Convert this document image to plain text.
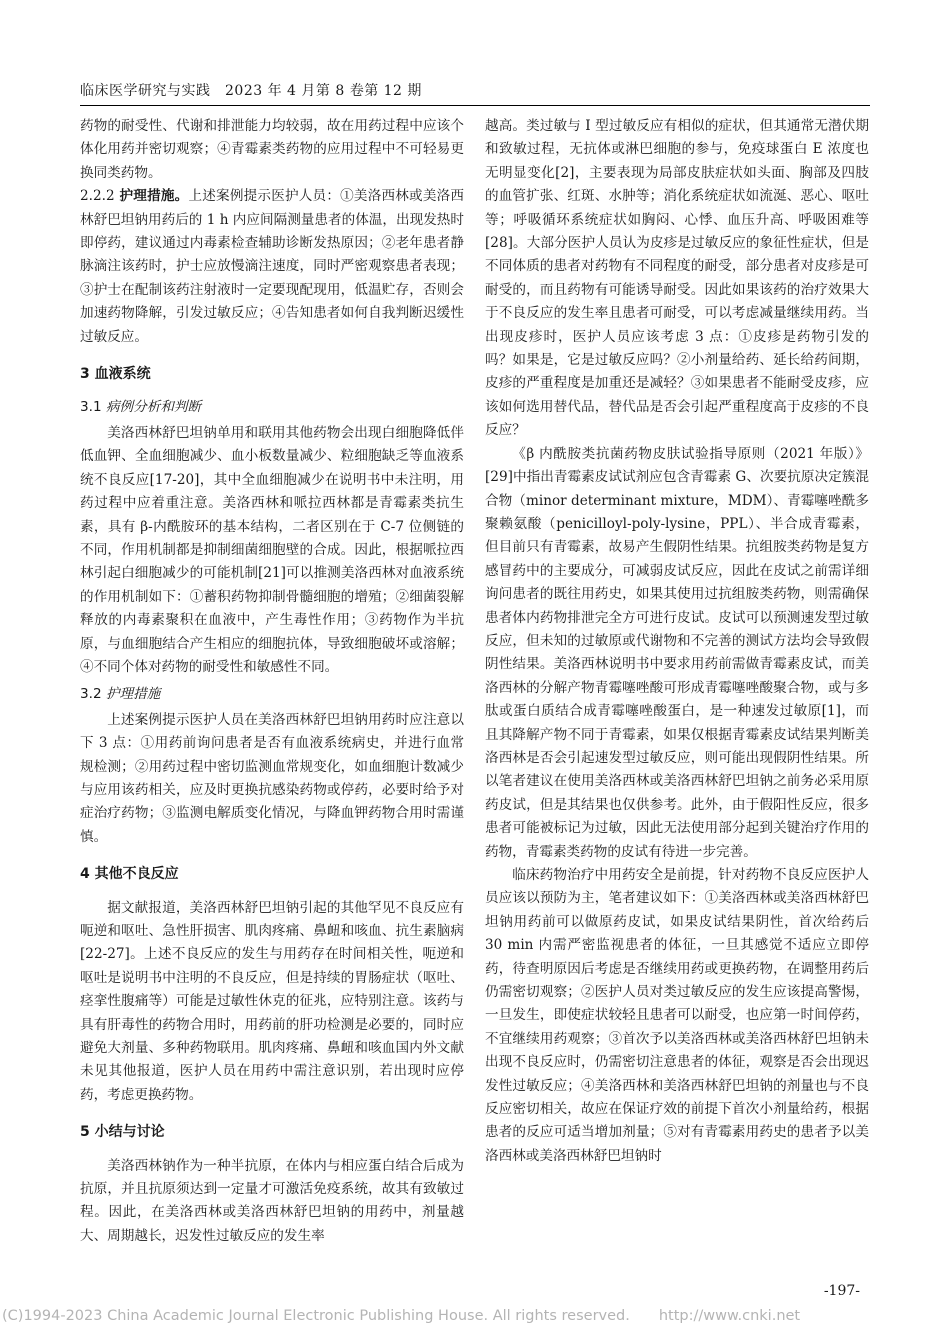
临床医学研究与实践　2023 年 4 月第 8 卷第 12 期

药物的耐受性、代谢和排泄能力均较弱，故在用药过程中应该个体化用药并密切观察；④青霉素类药物的应用过程中不可轻易更换同类药物。

2.2.2 护理措施。上述案例提示医护人员：①美洛西林或美洛西林舒巴坦钠用药后的 1 h 内应间隔测量患者的体温，出现发热时即停药，建议通过内毒素检查辅助诊断发热原因；②老年患者静脉滴注该药时，护士应放慢滴注速度，同时严密观察患者表现；③护士在配制该药注射液时一定要现配现用，低温贮存，否则会加速药物降解，引发过敏反应；④告知患者如何自我判断迟缓性过敏反应。

3 血液系统
3.1 病例分析和判断

美洛西林舒巴坦钠单用和联用其他药物会出现白细胞降低伴低血钾、全血细胞减少、血小板数量减少、粒细胞缺乏等血液系统不良反应[17-20]，其中全血细胞减少在说明书中未注明，用药过程中应着重注意。美洛西林和哌拉西林都是青霉素类抗生素，具有 β-内酰胺环的基本结构，二者区别在于 C-7 位侧链的不同，作用机制都是抑制细菌细胞壁的合成。因此，根据哌拉西林引起白细胞减少的可能机制[21]可以推测美洛西林对血液系统的作用机制如下：①蓄积药物抑制骨髓细胞的增殖；②细菌裂解释放的内毒素聚积在血液中，产生毒性作用；③药物作为半抗原，与血细胞结合产生相应的细胞抗体，导致细胞破坏或溶解；④不同个体对药物的耐受性和敏感性不同。

3.2 护理措施

上述案例提示医护人员在美洛西林舒巴坦钠用药时应注意以下 3 点：①用药前询问患者是否有血液系统病史，并进行血常规检测；②用药过程中密切监测血常规变化，如血细胞计数减少与应用该药相关，应及时更换抗感染药物或停药，必要时给予对症治疗药物；③监测电解质变化情况，与降血钾药物合用时需谨慎。

4 其他不良反应

据文献报道，美洛西林舒巴坦钠引起的其他罕见不良反应有呃逆和呕吐、急性肝损害、肌肉疼痛、鼻衄和咳血、抗生素脑病[22-27]。上述不良反应的发生与用药存在时间相关性，呃逆和呕吐是说明书中注明的不良反应，但是持续的胃肠症状（呕吐、痉挛性腹痛等）可能是过敏性休克的征兆，应特别注意。该药与具有肝毒性的药物合用时，用药前的肝功检测是必要的，同时应避免大剂量、多种药物联用。肌肉疼痛、鼻衄和咳血国内外文献未见其他报道，医护人员在用药中需注意识别，若出现时应停药，考虑更换药物。

5 小结与讨论

美洛西林钠作为一种半抗原，在体内与相应蛋白结合后成为抗原，并且抗原须达到一定量才可激活免疫系统，故其有致敏过程。因此，在美洛西林或美洛西林舒巴坦钠的用药中，剂量越大、周期越长，迟发性过敏反应的发生率

越高。类过敏与 Ⅰ 型过敏反应有相似的症状，但其通常无潜伏期和致敏过程，无抗体或淋巴细胞的参与，免疫球蛋白 E 浓度也无明显变化[2]，主要表现为局部皮肤症状如头面、胸部及四肢的血管扩张、红斑、水肿等；消化系统症状如流涎、恶心、呕吐等；呼吸循环系统症状如胸闷、心悸、血压升高、呼吸困难等[28]。大部分医护人员认为皮疹是过敏反应的象征性症状，但是不同体质的患者对药物有不同程度的耐受，部分患者对皮疹是可耐受的，而且药物有可能诱导耐受。因此如果该药的治疗效果大于不良反应的发生率且患者可耐受，可以考虑减量继续用药。当出现皮疹时，医护人员应该考虑 3 点：①皮疹是药物引发的吗？如果是，它是过敏反应吗？②小剂量给药、延长给药间期，皮疹的严重程度是加重还是减轻？③如果患者不能耐受皮疹，应该如何选用替代品，替代品是否会引起严重程度高于皮疹的不良反应？

《β 内酰胺类抗菌药物皮肤试验指导原则（2021 年版）》[29]中指出青霉素皮试试剂应包含青霉素 G、次要抗原决定簇混合物（minor determinant mixture，MDM）、青霉噻唑酰多聚赖氨酸（penicilloyl-poly-lysine，PPL）、半合成青霉素，但目前只有青霉素，故易产生假阴性结果。抗组胺类药物是复方感冒药中的主要成分，可减弱皮试反应，因此在皮试之前需详细询问患者的既往用药史，如果其使用过抗组胺类药物，则需确保患者体内药物排泄完全方可进行皮试。皮试可以预测速发型过敏反应，但未知的过敏原或代谢物和不完善的测试方法均会导致假阴性结果。美洛西林说明书中要求用药前需做青霉素皮试，而美洛西林的分解产物青霉噻唑酸可形成青霉噻唑酸聚合物，或与多肽或蛋白质结合成青霉噻唑酸蛋白，是一种速发过敏原[1]，而且其降解产物不同于青霉素，如果仅根据青霉素皮试结果判断美洛西林是否会引起速发型过敏反应，则可能出现假阴性结果。所以笔者建议在使用美洛西林或美洛西林舒巴坦钠之前务必采用原药皮试，但是其结果也仅供参考。此外，由于假阳性反应，很多患者可能被标记为过敏，因此无法使用部分起到关键治疗作用的药物，青霉素类药物的皮试有待进一步完善。

临床药物治疗中用药安全是前提，针对药物不良反应医护人员应该以预防为主，笔者建议如下：①美洛西林或美洛西林舒巴坦钠用药前可以做原药皮试，如果皮试结果阴性，首次给药后 30 min 内需严密监视患者的体征，一旦其感觉不适应立即停药，待查明原因后考虑是否继续用药或更换药物，在调整用药后仍需密切观察；②医护人员对类过敏反应的发生应该提高警惕，一旦发生，即使症状较轻且患者可以耐受，也应第一时间停药，不宜继续用药观察；③首次予以美洛西林或美洛西林舒巴坦钠未出现不良反应时，仍需密切注意患者的体征，观察是否会出现迟发性过敏反应；④美洛西林和美洛西林舒巴坦钠的剂量也与不良反应密切相关，故应在保证疗效的前提下首次小剂量给药，根据患者的反应可适当增加剂量；⑤对有青霉素用药史的患者予以美洛西林或美洛西林舒巴坦钠时

-197-
(C)1994-2023 China Academic Journal Electronic Publishing House. All rights reserved.　　http://www.cnki.net
